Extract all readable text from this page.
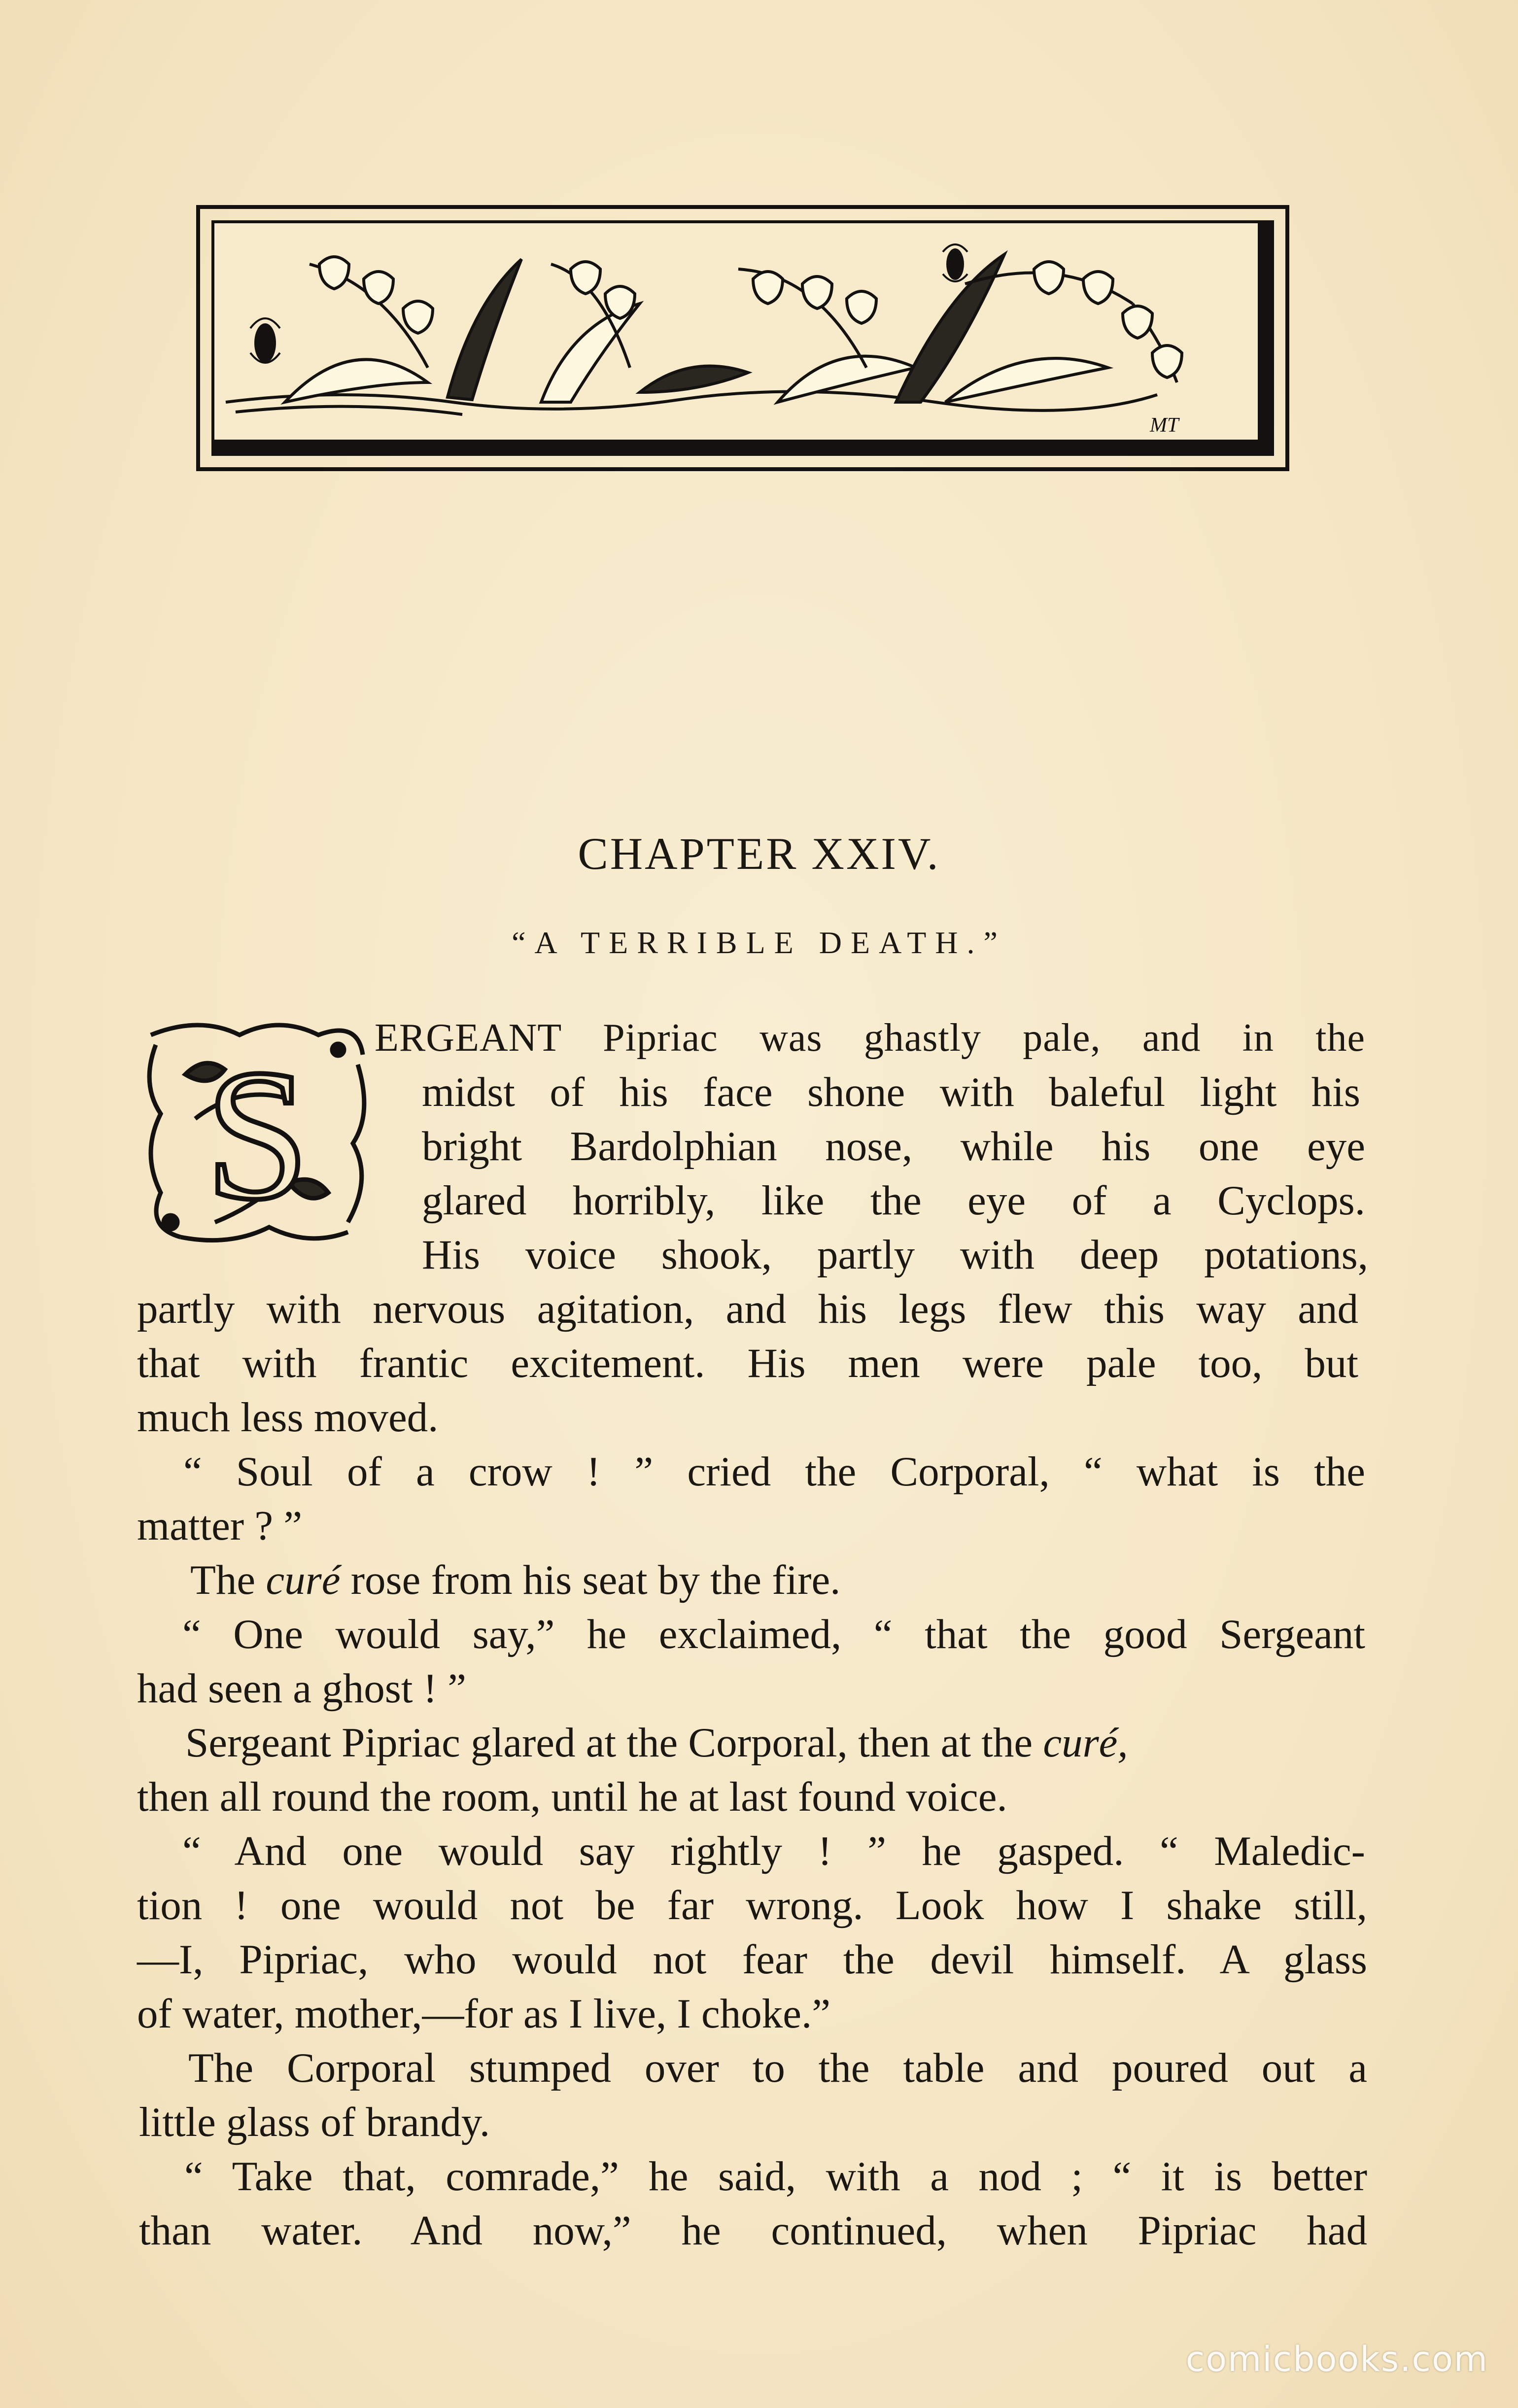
MT
CHAPTER XXIV.
“A TERRIBLE DEATH.”
S ERGEANT Pipriac was ghastly pale, and in the
midst of his face shone with baleful light his
bright Bardolphian nose, while his one eye
glared horribly, like the eye of a Cyclops.
His voice shook, partly with deep potations,
partly with nervous agitation, and his legs flew this way and
that with frantic excitement. His men were pale too, but
much less moved.
“ Soul of a crow ! ” cried the Corporal, “ what is the
matter ? ”
The curé rose from his seat by the fire.
“ One would say,” he exclaimed, “ that the good Sergeant
had seen a ghost ! ”
Sergeant Pipriac glared at the Corporal, then at the curé,
then all round the room, until he at last found voice.
“ And one would say rightly ! ” he gasped. “ Maledic-
tion ! one would not be far wrong. Look how I shake still,
—I, Pipriac, who would not fear the devil himself. A glass
of water, mother,—for as I live, I choke.”
The Corporal stumped over to the table and poured out a
little glass of brandy.
“ Take that, comrade,” he said, with a nod ; “ it is better
than water. And now,” he continued, when Pipriac had
comicbooks.com
